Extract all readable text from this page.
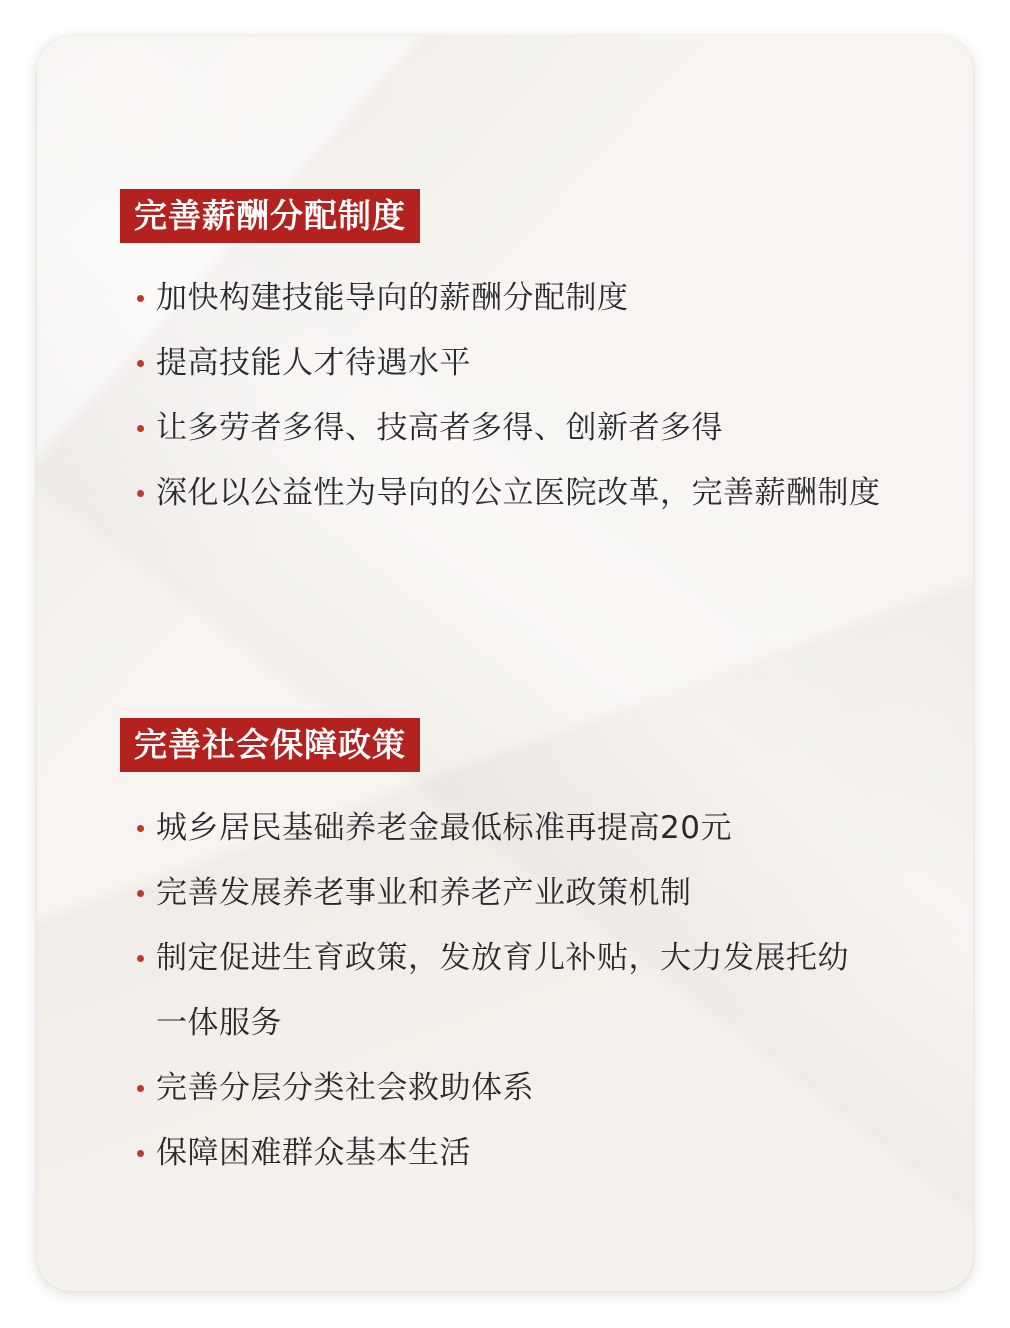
完善薪酬分配制度
加快构建技能导向的薪酬分配制度
提高技能人才待遇水平
让多劳者多得、技高者多得、创新者多得
深化以公益性为导向的公立医院改革，完善薪酬制度
完善社会保障政策
城乡居民基础养老金最低标准再提高20元
完善发展养老事业和养老产业政策机制
制定促进生育政策，发放育儿补贴，大力发展托幼
一体服务
完善分层分类社会救助体系
保障困难群众基本生活
